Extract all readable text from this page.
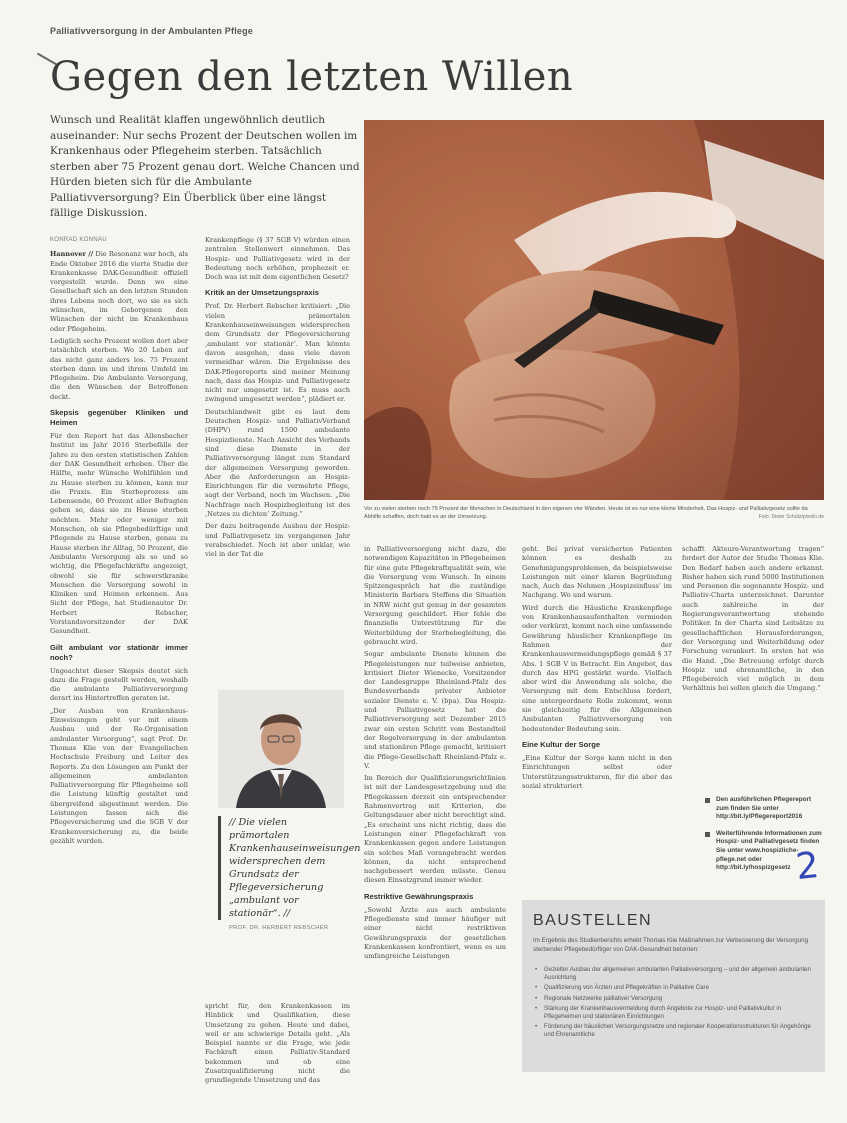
Palliativversorgung in der Ambulanten Pflege
Gegen den letzten Willen

Wunsch und Realität klaffen ungewöhnlich deutlich auseinander: Nur sechs Prozent der Deutschen wollen im Krankenhaus oder Pflegeheim sterben. Tatsächlich sterben aber 75 Prozent genau dort. Welche Chancen und Hürden bieten sich für die Ambulante Palliativversorgung? Ein Überblick über eine längst fällige Diskussion.

Vor zu vielen sterben noch 75 Prozent der Menschen in Deutschland in den eigenen vier Wänden. Heute ist es nur eine kleine Minderheit. Das Hospiz- und Palliativgesetz sollte da Abhilfe schaffen, doch hakt es an der Umsetzung.	Foto: Dieter Schütz/pixelio.de
KONRAD KONNAU

Hannover // Die Resonanz war hoch, als Ende Oktober 2016 die vierte Studie der Krankenkasse DAK-Gesundheit offiziell vorgestellt wurde. Denn wo eine Gesellschaft sich an den letzten Stunden ihres Lebens noch dort, wo sie es sich wünschen, im Geborgenen den Wünschen der nicht im Krankenhaus oder Pflegeheim.

Lediglich sechs Prozent wollen dort aber tatsächlich sterben. Wo 20 Leben auf das nicht ganz anders los. 75 Prozent sterben dann im und ihrem Umfeld im Pflegeheim. Die Ambulante Versorgung, die den Wünschen der Betroffenen deckt.

Skepsis gegenüber Kliniken und Heimen

Für den Report hat das Allensbacher Institut im Jahr 2016 Sterbefälle der Jahre zu den ersten statistischen Zahlen der DAK Gesundheit erhoben. Über die Hälfte, mehr Wünsche Wohlfühlen und zu Hause sterben zu können, kann nur die Praxis. Ein Sterbeprozess am Lebensende, 60 Prozent aller Befragten gehen so, dass sie zu Hause sterben möchten. Mehr oder weniger mit Menschen, ob sie Pflegebedürftige und Pflegende zu Hause sterben, genau zu Hause sterben ihr Alltag, 50 Prozent, die Ambulante Versorgung als so und so wichtig, die Pflegefachkräfte angezeigt, obwohl sie für schwerstkranke Menschen die Versorgung sowohl in Kliniken und Heimen erkennen. Aus Sicht der Pflege, hat Studienautor Dr. Herbert Rebscher, Vorstandsvorsitzender der DAK Gesundheit.

Gilt ambulant vor stationär immer noch?

Ungeachtet dieser Skepsis deutet sich dazu die Frage gestellt werden, weshalb die ambulante Palliativversorgung derart ins Hintertreffen geraten ist.

„Der Ausbau von Krankenhaus-Einweisungen geht vor mit einem Ausbau und der Re-Organisation ambulanter Versorgung“, sagt Prof. Dr. Thomas Klie von der Evangelischen Hochschule Freiburg und Leiter des Reports. Zu den Lösungen am Punkt der allgemeinen ambulanten Palliativversorgung für Pflegeheime soll die Leistung künftig gestaltet und übergreifend abgestimmt werden. Die Leistungen fassen sich die Pflegeversicherung und die SGB V der Krankenversicherung zu, die beide gezählt wurden.

Krankenpflege (§ 37 SGB V) würden einen zentralen Stellenwert einnehmen. Das Hospiz- und Palliativgesetz wird in der Bedeutung noch erhöhen, prophezeit er. Doch was ist mit dem eigentlichen Gesetz?

Kritik an der Umsetzungspraxis

Prof. Dr. Herbert Rebscher kritisiert: „Die vielen prämortalen Krankenhauseinweisungen widersprechen dem Grundsatz der Pflegeversicherung ‚ambulant vor stationär‘. Man könnte davon ausgehen, dass viele davon vermeidbar wären. Die Ergebnisse des DAK-Pflegereports sind meiner Meinung nach, dass das Hospiz- und Palliativgesetz nicht nur umgesetzt ist. Es muss auch zwingend umgesetzt werden“, plädiert er.

Deutschlandweit gibt es laut dem Deutschen Hospiz- und PalliativVerband (DHPV) rund 1500 ambulante Hospizdienste. Nach Ansicht des Verbands sind diese Dienste in der Palliativversorgung längst zum Standard der allgemeinen Versorgung geworden. Aber die Anforderungen an Hospiz-Einrichtungen für die vermehrte Pflege, sagt der Verband, noch im Wachsen. „Die Nachfrage nach Hospizbegleitung ist des ‚Netzes zu dichten‘ Zeitung.“

Der dazu beitragende Ausbau der Hospiz- und Palliativgesetz im vergangenen Jahr verabschiedet. Noch ist aber unklar, wie viel in der Tat die

// Die vielen prämortalen Krankenhauseinweisungen widersprechen dem Grundsatz der Pflegeversicherung „ambulant vor stationär“. //
PROF. DR. HERBERT REBSCHER

spricht für, den Krankenkassen im Hinblick und Qualifikation, diese Umsetzung zu gehen. Heute und dabei, weil er am schwierige Details geht. „Als Beispiel nannte er die Frage, wie jede Fachkraft einen Palliativ-Standard bekommen und ob eine Zusatzqualifizierung nicht die grundlegende Umsetzung und das

in Palliativversorgung nicht dazu, die notwendigen Kapazitäten in Pflegeheimen für eine gute Pflegekraftqualität sein, wie die Versorgung vom Wunsch. In einem Spitzengespräch hat die zuständige Ministerin Barbara Steffens die Situation in NRW nicht gut genug in der gesamten Versorgung geschildert. Hier fehle die finanzielle Unterstützung für die Weiterbildung der Sterbebegleitung, die gebraucht wird.

Sogar ambulante Dienste können die Pflegeleistungen nur teilweise anbieten, kritisiert Dieter Wienecke, Vorsitzender der Landesgruppe Rheinland-Pfalz des Bundesverbands privater Anbieter sozialer Dienste e. V. (bpa). Das Hospiz- und Palliativgesetz hat die Palliativversorgung seit Dezember 2015 zwar ein ersten Schritt vom Bestandteil der Regelversorgung in der ambulanten und stationären Pflege gemacht, kritisiert die Pflege-Gesellschaft Rheinland-Pfalz e. V.

Im Bereich der Qualifizierungsrichtlinien ist mit der Landesgesetzgebung und die Pflegekassen derzeit ein entsprechender Rahmenvertrag mit Kriterien, die Geltungsdauer aber nicht berechtigt sind. „Es erscheint uns nicht richtig, dass die Leistungen einer Pflegefachkraft von Krankenkassen gegen andere Leistungen ein solches Maß vorangebracht werden können, da nicht entsprechend nachgebessert werden müsste. Genau diesen Einsatzgrund immer wieder.

Restriktive Gewährungspraxis

„Sowohl Ärzte aus auch ambulante Pflegedienste sind immer häufiger mit einer nicht restriktiven Gewährungspraxis der gesetzlichen Krankenkassen konfrontiert, wenn es um umfangreiche Leistungen

geht. Bei privat versicherten Patienten können es deshalb zu Genehmigungsproblemen, da beispielsweise Leistungen mit einer klaren Begründung nach, Auch das Nehmen ‚Hospizeinfluss‘ im Nachgang. Wo und warum.

Wird durch die Häusliche Krankenpflege von Krankenhausaufenthalten vermieden oder verkürzt, kommt nach eine umfassende Gewährung häuslicher Krankenpflege im Rahmen der Krankenhausvermeidungspflege gemäß § 37 Abs. 1 SGB V in Betracht. Ein Angebot, das durch das HPG gestärkt wurde. Vielfach aber wird die Anwendung als solche, die Versorgung mit dem Entschluss fordert, eine untergeordnete Rolle zukommt, wenn sie gleichzeitig für die Allgemeinen Ambulanten Palliativversorgung von bedeutender Bedeutung sein.

Eine Kultur der Sorge

„Eine Kultur der Sorge kann nicht in den Einrichtungen selbst oder Unterstützungsstrukturen, für die aber das sozial strukturiert

schafft Akteure-Verantwortung tragen“ fordert der Autor der Studie Thomas Klie. Den Bedarf haben auch andere erkannt. Bisher haben sich rund 5000 Institutionen und Personen die sogenannte Hospiz- und Palliativ-Charta unterzeichnet. Darunter auch zahlreiche in der Regierungsverantwortung stehende Politiker. In der Charta sind Leitsätze zu gesellschaftlichen Herausforderungen, der Versorgung und Weiterbildung oder Forschung verankert. In ersten hat wie die Hand. „Die Betreuung erfolgt durch Hospiz und ehrenamtliche, in den Pflegebereich viel möglich in dem Verhältnis bei sollen gleich die Umgang.“

Den ausführlichen Pflegereport zum finden Sie unter http://bit.ly/Pflegereport2016
Weiterführende Informationen zum Hospiz- und Palliativgesetz finden Sie unter www.hospizliche-pflege.net oder http://bit.ly/hospizgesetz 2
BAUSTELLEN
Im Ergebnis des Studienberichts erhebt Thomas Klie Maßnahmen zur Verbesserung der Versorgung sterbender Pflegebedürftiger von DAK-Gesundheit betonten:
• Gezielter Ausbau der allgemeinen ambulanten Palliativversorgung – und der allgemein ambulanten Ausrichtung
• Qualifizierung von Ärzten und Pflegekräften in Palliative Care
• Regionale Netzwerke palliativer Versorgung
• Stärkung der Krankenhausvermeidung durch Angebote zur Hospiz- und Palliativkultur in Pflegeheimen und stationären Einrichtungen
• Förderung der häuslichen Versorgungsnetze und regionaler Kooperationsstrukturen für Angehörige und Ehrenamtliche
